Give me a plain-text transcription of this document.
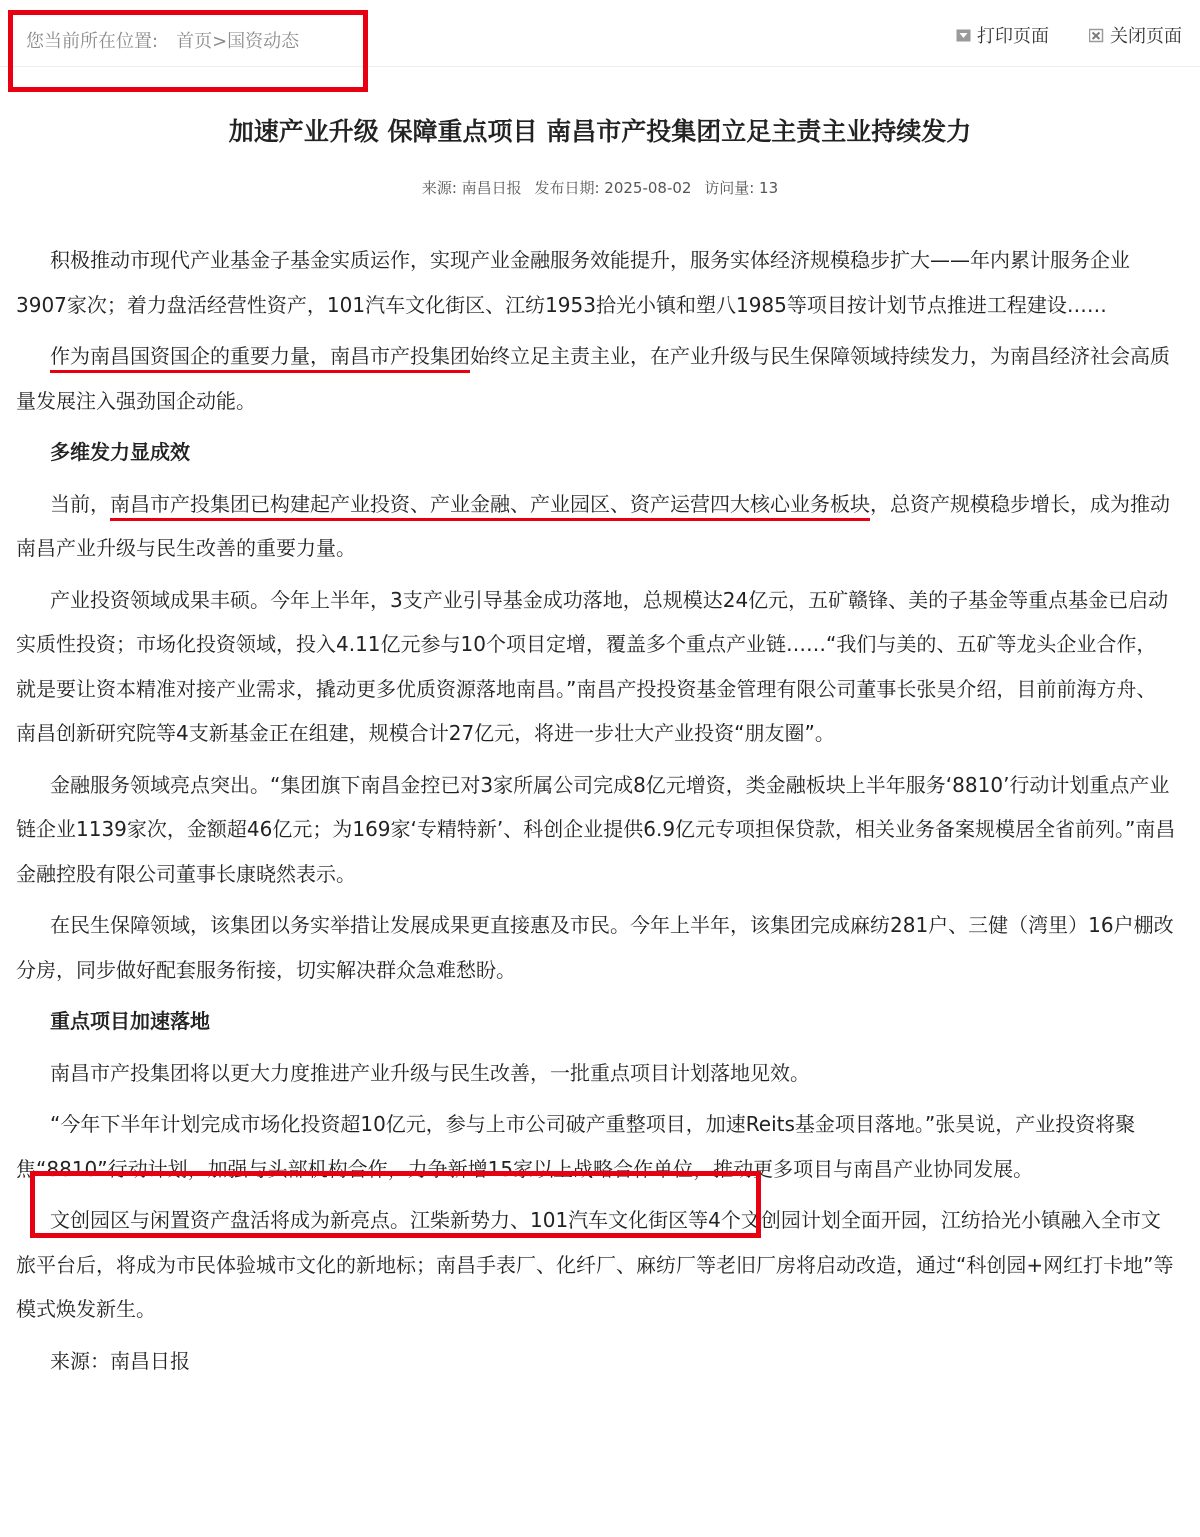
您当前所在位置: 首页>国资动态	打印页面	关闭页面
加速产业升级 保障重点项目 南昌市产投集团立足主责主业持续发力
来源: 南昌日报 发布日期: 2025-08-02 访问量: 13

积极推动市现代产业基金子基金实质运作，实现产业金融服务效能提升，服务实体经济规模稳步扩大——年内累计服务企业3907家次；着力盘活经营性资产，101汽车文化街区、江纺1953拾光小镇和塑八1985等项目按计划节点推进工程建设……

作为南昌国资国企的重要力量，南昌市产投集团始终立足主责主业，在产业升级与民生保障领域持续发力，为南昌经济社会高质量发展注入强劲国企动能。

多维发力显成效

当前，南昌市产投集团已构建起产业投资、产业金融、产业园区、资产运营四大核心业务板块，总资产规模稳步增长，成为推动南昌产业升级与民生改善的重要力量。

产业投资领域成果丰硕。今年上半年，3支产业引导基金成功落地，总规模达24亿元，五矿赣锋、美的子基金等重点基金已启动实质性投资；市场化投资领域，投入4.11亿元参与10个项目定增，覆盖多个重点产业链……“我们与美的、五矿等龙头企业合作，就是要让资本精准对接产业需求，撬动更多优质资源落地南昌。”南昌产投投资基金管理有限公司董事长张昊介绍，目前前海方舟、南昌创新研究院等4支新基金正在组建，规模合计27亿元，将进一步壮大产业投资“朋友圈”。

金融服务领域亮点突出。“集团旗下南昌金控已对3家所属公司完成8亿元增资，类金融板块上半年服务‘8810’行动计划重点产业链企业1139家次，金额超46亿元；为169家‘专精特新’、科创企业提供6.9亿元专项担保贷款，相关业务备案规模居全省前列。”南昌金融控股有限公司董事长康晓然表示。

在民生保障领域，该集团以务实举措让发展成果更直接惠及市民。今年上半年，该集团完成麻纺281户、三健（湾里）16户棚改分房，同步做好配套服务衔接，切实解决群众急难愁盼。

重点项目加速落地

南昌市产投集团将以更大力度推进产业升级与民生改善，一批重点项目计划落地见效。

“今年下半年计划完成市场化投资超10亿元，参与上市公司破产重整项目，加速Reits基金项目落地。”张昊说，产业投资将聚焦“8810”行动计划，加强与头部机构合作，力争新增15家以上战略合作单位，推动更多项目与南昌产业协同发展。

文创园区与闲置资产盘活将成为新亮点。江柴新势力、101汽车文化街区等4个文创园计划全面开园，江纺拾光小镇融入全市文旅平台后，将成为市民体验城市文化的新地标；南昌手表厂、化纤厂、麻纺厂等老旧厂房将启动改造，通过“科创园+网红打卡地”等模式焕发新生。

来源：南昌日报
